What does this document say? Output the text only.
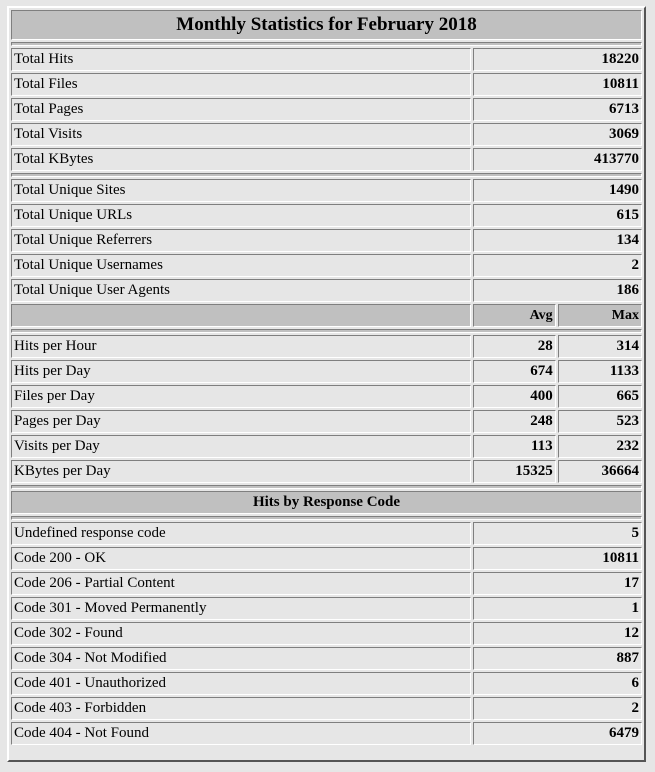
Monthly Statistics for February 2018		

Total Hits	18220	
Total Files	10811	
Total Pages	6713	
Total Visits	3069	
Total KBytes	413770	

Total Unique Sites	1490	
Total Unique URLs	615	
Total Unique Referrers	134	
Total Unique Usernames	2	
Total Unique User Agents	186	
	Avg	Max

Hits per Hour	28	314
Hits per Day	674	1133
Files per Day	400	665
Pages per Day	248	523
Visits per Day	113	232
KBytes per Day	15325	36664

Hits by Response Code		

Undefined response code	5	
Code 200 - OK	10811	
Code 206 - Partial Content	17	
Code 301 - Moved Permanently	1	
Code 302 - Found	12	
Code 304 - Not Modified	887	
Code 401 - Unauthorized	6	
Code 403 - Forbidden	2	
Code 404 - Not Found	6479	
